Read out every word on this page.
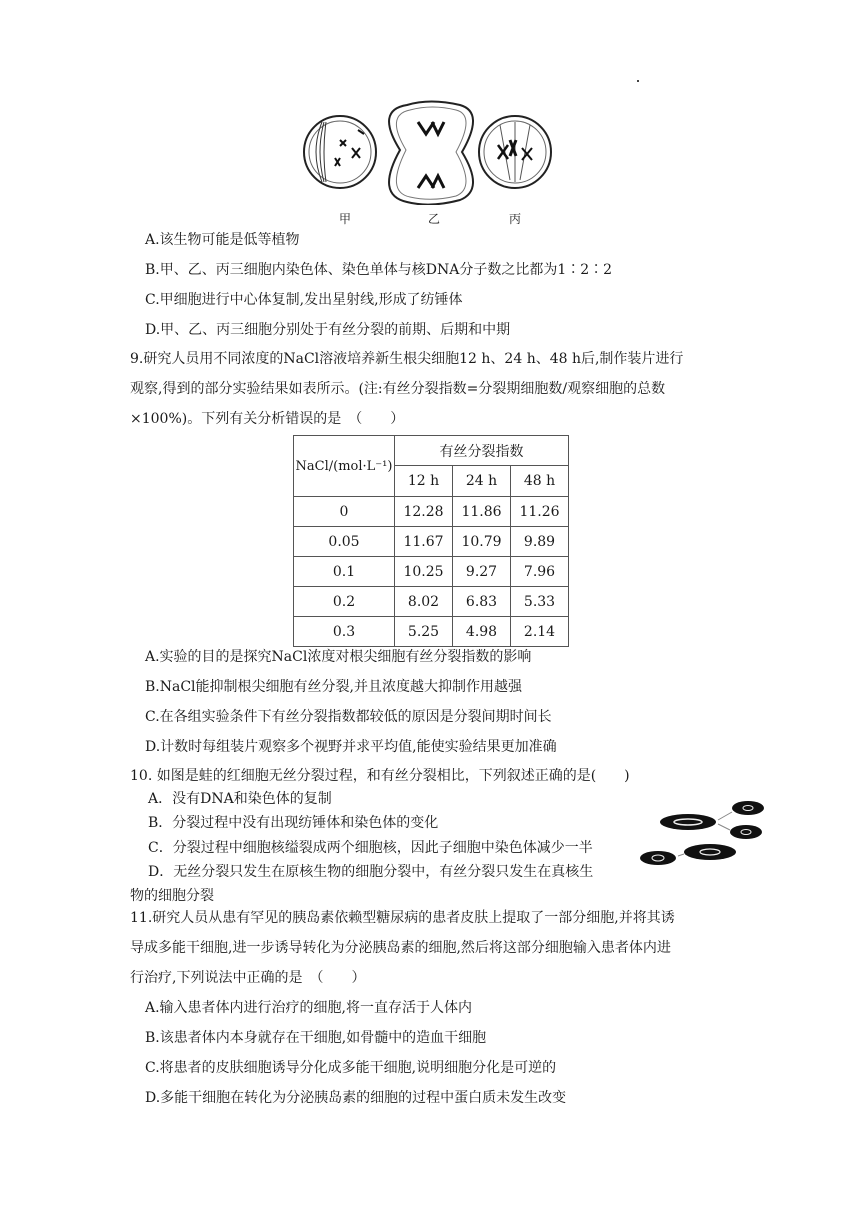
甲	乙	丙
A.该生物可能是低等植物
B.甲、乙、丙三细胞内染色体、染色单体与核DNA分子数之比都为1∶2∶2
C.甲细胞进行中心体复制,发出星射线,形成了纺锤体
D.甲、乙、丙三细胞分别处于有丝分裂的前期、后期和中期
9.研究人员用不同浓度的NaCl溶液培养新生根尖细胞12 h、24 h、48 h后,制作装片进行
观察,得到的部分实验结果如表所示。(注:有丝分裂指数=分裂期细胞数/观察细胞的总数
×100%)。下列有关分析错误的是　（　　）
NaCl/(mol·L⁻¹)	有丝分裂指数		
	12 h	24 h	48 h
0	12.28	11.86	11.26
0.05	11.67	10.79	9.89
0.1	10.25	9.27	7.96
0.2	8.02	6.83	5.33
0.3	5.25	4.98	2.14
A.实验的目的是探究NaCl浓度对根尖细胞有丝分裂指数的影响
B.NaCl能抑制根尖细胞有丝分裂,并且浓度越大抑制作用越强
C.在各组实验条件下有丝分裂指数都较低的原因是分裂间期时间长
D.计数时每组装片观察多个视野并求平均值,能使实验结果更加准确
10. 如图是蛙的红细胞无丝分裂过程，和有丝分裂相比，下列叙述正确的是(　　)
A．没有DNA和染色体的复制
B．分裂过程中没有出现纺锤体和染色体的变化
C．分裂过程中细胞核缢裂成两个细胞核，因此子细胞中染色体减少一半
D．无丝分裂只发生在原核生物的细胞分裂中，有丝分裂只发生在真核生
物的细胞分裂
11.研究人员从患有罕见的胰岛素依赖型糖尿病的患者皮肤上提取了一部分细胞,并将其诱
导成多能干细胞,进一步诱导转化为分泌胰岛素的细胞,然后将这部分细胞输入患者体内进
行治疗,下列说法中正确的是　（　　）
A.输入患者体内进行治疗的细胞,将一直存活于人体内
B.该患者体内本身就存在干细胞,如骨髓中的造血干细胞
C.将患者的皮肤细胞诱导分化成多能干细胞,说明细胞分化是可逆的
D.多能干细胞在转化为分泌胰岛素的细胞的过程中蛋白质未发生改变
